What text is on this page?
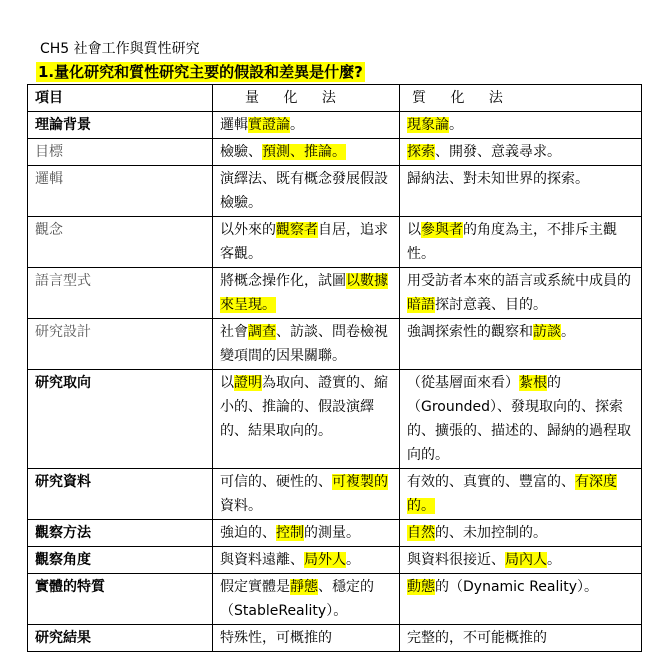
CH5 社會工作與質性研究
1.量化研究和質性研究主要的假設和差異是什麼?
項目	量 化 法	質 化 法
理論背景	邏輯實證論。	現象論。
目標	檢驗、預測、推論。	探索、開發、意義尋求。
邏輯	演繹法、既有概念發展假設檢驗。	歸納法、對未知世界的探索。
觀念	以外來的觀察者自居，追求客觀。	以參與者的角度為主，不排斥主觀性。
語言型式	將概念操作化，試圖以數據來呈現。	用受訪者本來的語言或系統中成員的暗語探討意義、目的。
研究設計	社會調查、訪談、問卷檢視變項間的因果關聯。	強調探索性的觀察和訪談。
研究取向	以證明為取向、證實的、縮小的、推論的、假設演繹的、結果取向的。	（從基層面來看）紮根的（Grounded）、發現取向的、探索的、擴張的、描述的、歸納的過程取向的。
研究資料	可信的、硬性的、可複製的資料。	有效的、真實的、豐富的、有深度的。
觀察方法	強迫的、控制的測量。	自然的、未加控制的。
觀察角度	與資料遠離、局外人。	與資料很接近、局內人。
實體的特質	假定實體是靜態、穩定的（StableReality）。	動態的（Dynamic Reality）。
研究結果	特殊性，可概推的	完整的，不可能概推的
